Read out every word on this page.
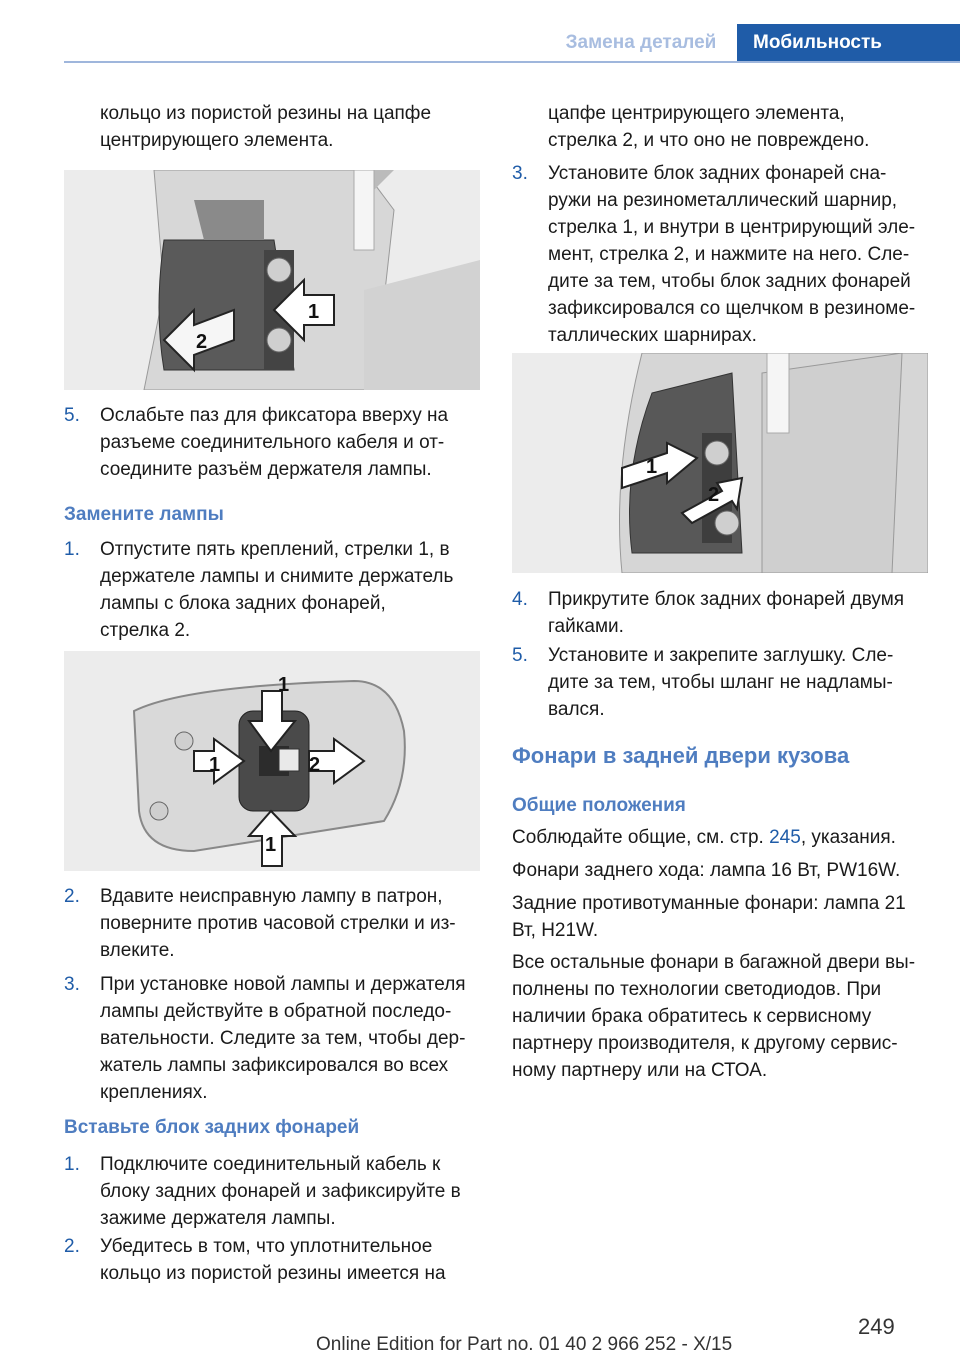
Замена деталей	Мобильность
кольцо из пористой резины на цапфе
центрирующего элемента.
1
2
5. Ослабьте паз для фиксатора вверху на
разъеме соединительного кабеля и от‐
соедините разъём держателя лампы.
Замените лампы
1. Отпустите пять креплений, стрелки 1, в
держателе лампы и снимите держатель
лампы с блока задних фонарей,
стрелка 2.
1
1	2
1
2. Вдавите неисправную лампу в патрон,
поверните против часовой стрелки и из‐
влеките.
3. При установке новой лампы и держателя
лампы действуйте в обратной последо‐
вательности. Следите за тем, чтобы дер‐
жатель лампы зафиксировался во всех
креплениях.
Вставьте блок задних фонарей
1. Подключите соединительный кабель к
блоку задних фонарей и зафиксируйте в
зажиме держателя лампы.
2. Убедитесь в том, что уплотнительное
кольцо из пористой резины имеется на
цапфе центрирующего элемента,
стрелка 2, и что оно не повреждено.
3. Установите блок задних фонарей сна‐
ружи на резинометаллический шарнир,
стрелка 1, и внутри в центрирующий эле‐
мент, стрелка 2, и нажмите на него. Сле‐
дите за тем, чтобы блок задних фонарей
зафиксировался со щелчком в резиноме‐
таллических шарнирах.
1
2
4. Прикрутите блок задних фонарей двумя
гайками.
5. Установите и закрепите заглушку. Сле‐
дите за тем, чтобы шланг не надламы‐
вался.
Фонари в задней двери кузова
Общие положения
Соблюдайте общие, см. стр. 245, указания.
Фонари заднего хода: лампа 16 Вт, PW16W.
Задние противотуманные фонари: лампа 21
Вт, H21W.
Все остальные фонари в багажной двери вы‐
полнены по технологии светодиодов. При
наличии брака обратитесь к сервисному
партнеру производителя, к другому сервис‐
ному партнеру или на СТОА.
249
Online Edition for Part no. 01 40 2 966 252 - X/15
